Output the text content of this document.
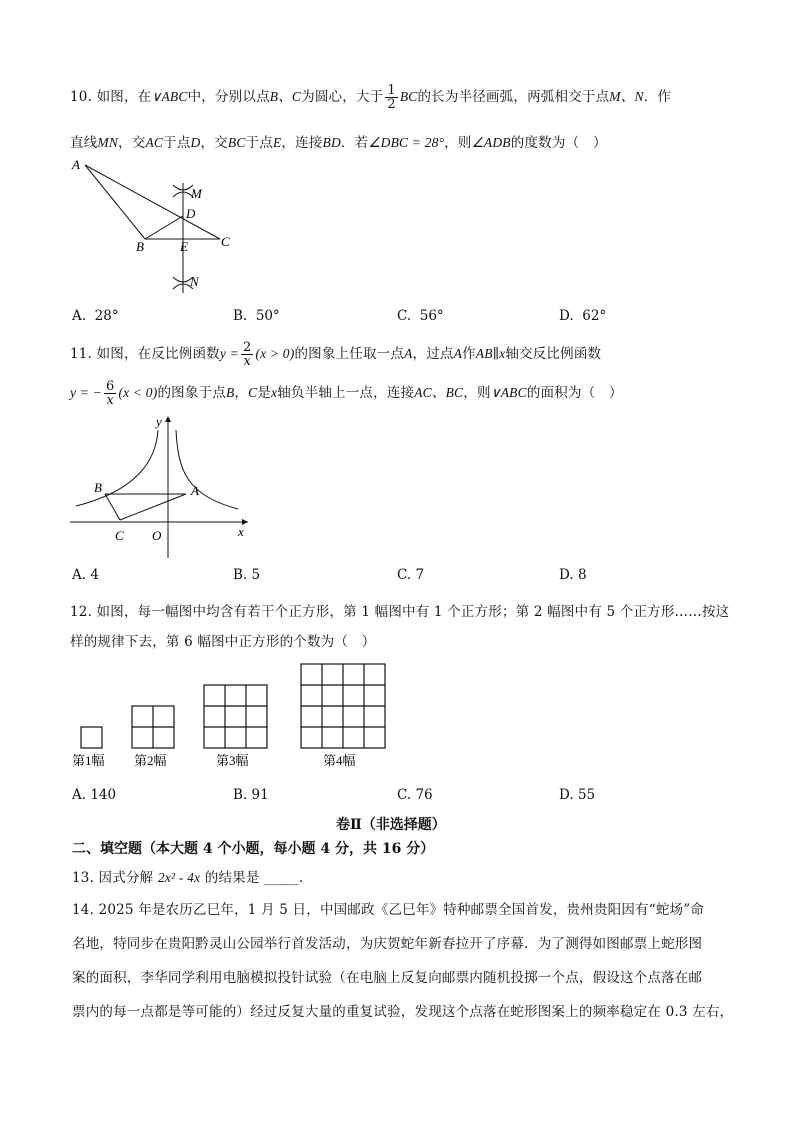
10. 如图，在∨ABC中，分别以点B、C为圆心，大于 $\frac{1}{2}$ BC的长为半径画弧，两弧相交于点M、N．作
直线MN，交AC于点D，交BC于点E，连接BD．若∠DBC = 28°，则∠ADB的度数为（　）
A
M
D
B	E	C
N
A. 28°	B. 50°	C. 56°	D. 62°
11. 如图，在反比例函数$y = \frac{2}{x} (x > 0)$的图象上任取一点A，过点A作AB∥x轴交反比例函数
y = − $\frac{6}{x} (x < 0)$的图象于点B，C是x轴负半轴上一点，连接AC、BC，则∨ABC的面积为（　）
y
B	A
C O	x
A. 4	B. 5	C. 7	D. 8
12. 如图，每一幅图中均含有若干个正方形，第 1 幅图中有 1 个正方形；第 2 幅图中有 5 个正方形……按这
样的规律下去，第 6 幅图中正方形的个数为（　）
第1幅 第2幅	第3幅	第4幅
A. 140	B. 91	C. 76	D. 55
卷Ⅱ（非选择题）
二、填空题（本大题 4 个小题，每小题 4 分，共 16 分）
13. 因式分解 2x² - 4x 的结果是 _____.
14. 2025 年是农历乙巳年，1 月 5 日，中国邮政《乙巳年》特种邮票全国首发，贵州贵阳因有“蛇场”命
名地，特同步在贵阳黔灵山公园举行首发活动，为庆贺蛇年新春拉开了序幕．为了测得如图邮票上蛇形图
案的面积，李华同学利用电脑模拟投针试验（在电脑上反复向邮票内随机投掷一个点，假设这个点落在邮
票内的每一点都是等可能的）经过反复大量的重复试验，发现这个点落在蛇形图案上的频率稳定在 0.3 左右，
